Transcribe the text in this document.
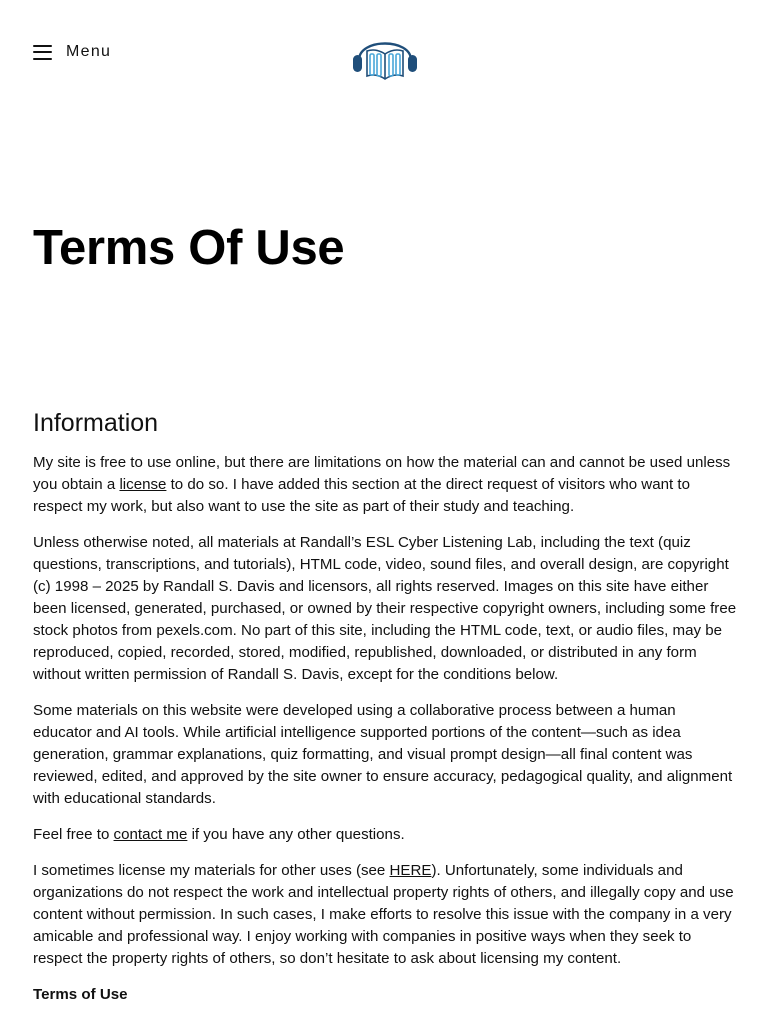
Menu
Terms Of Use
Information

My site is free to use online, but there are limitations on how the material can and cannot be used unless you obtain a license to do so. I have added this section at the direct request of visitors who want to respect my work, but also want to use the site as part of their study and teaching.

Unless otherwise noted, all materials at Randall’s ESL Cyber Listening Lab, including the text (quiz questions, transcriptions, and tutorials), HTML code, video, sound files, and overall design, are copyright (c) 1998 – 2025 by Randall S. Davis and licensors, all rights reserved. Images on this site have either been licensed, generated, purchased, or owned by their respective copyright owners, including some free stock photos from pexels.com. No part of this site, including the HTML code, text, or audio files, may be reproduced, copied, recorded, stored, modified, republished, downloaded, or distributed in any form without written permission of Randall S. Davis, except for the conditions below.

Some materials on this website were developed using a collaborative process between a human educator and AI tools. While artificial intelligence supported portions of the content—such as idea generation, grammar explanations, quiz formatting, and visual prompt design—all final content was reviewed, edited, and approved by the site owner to ensure accuracy, pedagogical quality, and alignment with educational standards.

Feel free to contact me if you have any other questions.

I sometimes license my materials for other uses (see HERE). Unfortunately, some individuals and organizations do not respect the work and intellectual property rights of others, and illegally copy and use content without permission. In such cases, I make efforts to resolve this issue with the company in a very amicable and professional way. I enjoy working with companies in positive ways when they seek to respect the property rights of others, so don’t hesitate to ask about licensing my content.

Terms of Use
